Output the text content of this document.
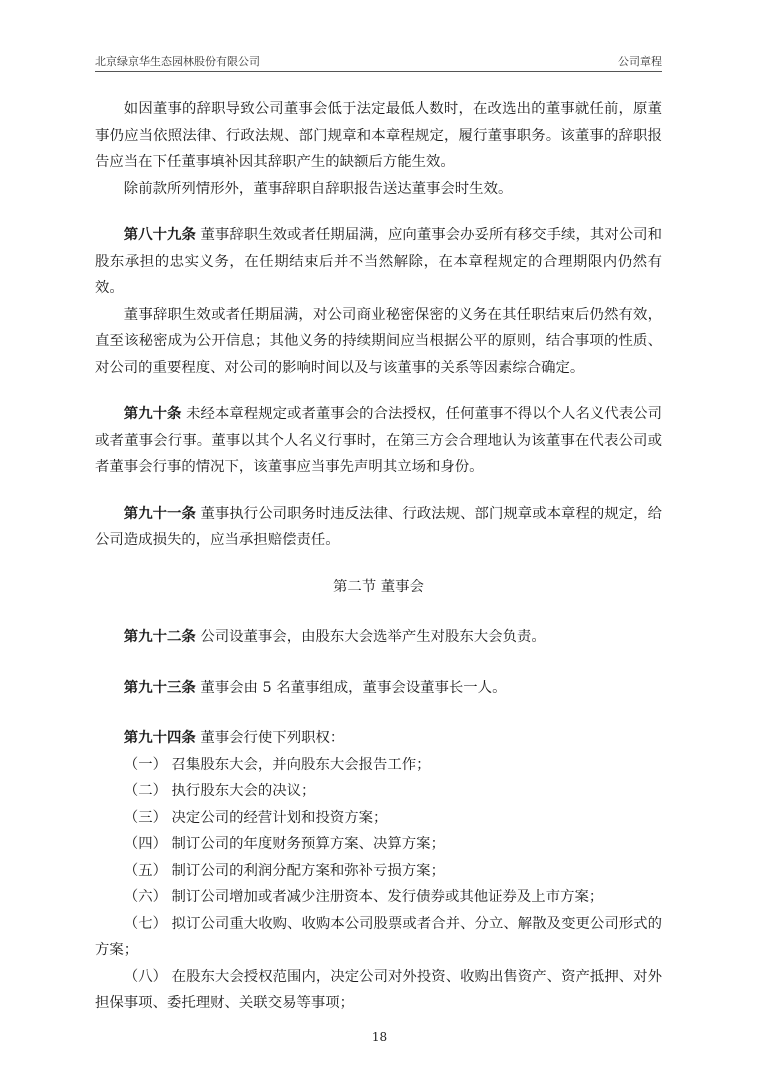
北京绿京华生态园林股份有限公司	公司章程

如因董事的辞职导致公司董事会低于法定最低人数时，在改选出的董事就任前，原董事仍应当依照法律、行政法规、部门规章和本章程规定，履行董事职务。该董事的辞职报告应当在下任董事填补因其辞职产生的缺额后方能生效。

除前款所列情形外，董事辞职自辞职报告送达董事会时生效。

第八十九条 董事辞职生效或者任期届满，应向董事会办妥所有移交手续，其对公司和股东承担的忠实义务，在任期结束后并不当然解除，在本章程规定的合理期限内仍然有效。

董事辞职生效或者任期届满，对公司商业秘密保密的义务在其任职结束后仍然有效，直至该秘密成为公开信息；其他义务的持续期间应当根据公平的原则，结合事项的性质、对公司的重要程度、对公司的影响时间以及与该董事的关系等因素综合确定。

第九十条 未经本章程规定或者董事会的合法授权，任何董事不得以个人名义代表公司或者董事会行事。董事以其个人名义行事时，在第三方会合理地认为该董事在代表公司或者董事会行事的情况下，该董事应当事先声明其立场和身份。

第九十一条 董事执行公司职务时违反法律、行政法规、部门规章或本章程的规定，给公司造成损失的，应当承担赔偿责任。

第二节 董事会

第九十二条 公司设董事会，由股东大会选举产生对股东大会负责。

第九十三条 董事会由 5 名董事组成，董事会设董事长一人。

第九十四条 董事会行使下列职权：

（一） 召集股东大会，并向股东大会报告工作；

（二） 执行股东大会的决议；

（三） 决定公司的经营计划和投资方案；

（四） 制订公司的年度财务预算方案、决算方案；

（五） 制订公司的利润分配方案和弥补亏损方案；

（六） 制订公司增加或者减少注册资本、发行债券或其他证券及上市方案；

（七） 拟订公司重大收购、收购本公司股票或者合并、分立、解散及变更公司形式的方案；

（八） 在股东大会授权范围内，决定公司对外投资、收购出售资产、资产抵押、对外担保事项、委托理财、关联交易等事项；

18
